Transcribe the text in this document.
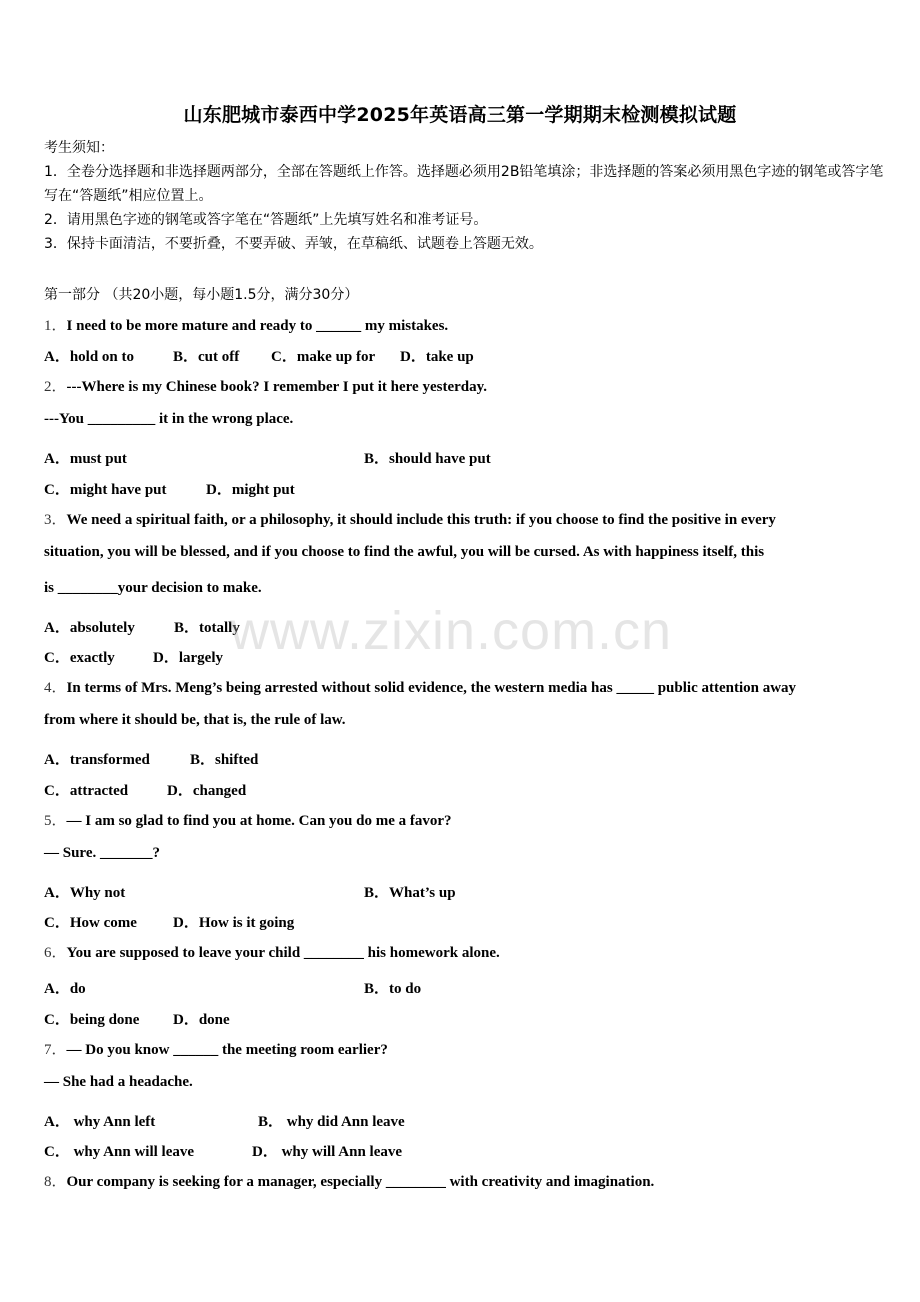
山东肥城市泰西中学2025年英语高三第一学期期末检测模拟试题
考生须知：
1．全卷分选择题和非选择题两部分，全部在答题纸上作答。选择题必须用2B铅笔填涂；非选择题的答案必须用黑色字迹的钢笔或答字笔写在“答题纸”相应位置上。
2．请用黑色字迹的钢笔或答字笔在“答题纸”上先填写姓名和准考证号。
3．保持卡面清洁，不要折叠，不要弄破、弄皱，在草稿纸、试题卷上答题无效。
第一部分 （共20小题，每小题1.5分，满分30分）
1．I need to be more mature and ready to ______ my mistakes.
A．hold on to	B．cut off C．make up for D．take up
2．---Where is my Chinese book? I remember I put it here yesterday.
---You _________ it in the wrong place.
A．must put	B．should have put
C．might have put	D．might put
3．We need a spiritual faith, or a philosophy, it should include this truth: if you choose to find the positive in every
situation, you will be blessed, and if you choose to find the awful, you will be cursed. As with happiness itself, this
is ________your decision to make.
A．absolutely	B．totally
C．exactly	D．largely
4．In terms of Mrs. Meng’s being arrested without solid evidence, the western media has _____ public attention away
from where it should be, that is, the rule of law.
A．transformed	B．shifted
C．attracted	D．changed
5．— I am so glad to find you at home. Can you do me a favor?
— Sure. _______?
A．Why not	B．What’s up
C．How come D．How is it going
6．You are supposed to leave your child ________ his homework alone.
A．do	B．to do
C．being done D．done
7．— Do you know ______ the meeting room earlier?
— She had a headache.
A． why Ann left	B． why did Ann leave
C． why Ann will leave	D． why will Ann leave
8．Our company is seeking for a manager, especially ________ with creativity and imagination.
www.zixin.com.cn
